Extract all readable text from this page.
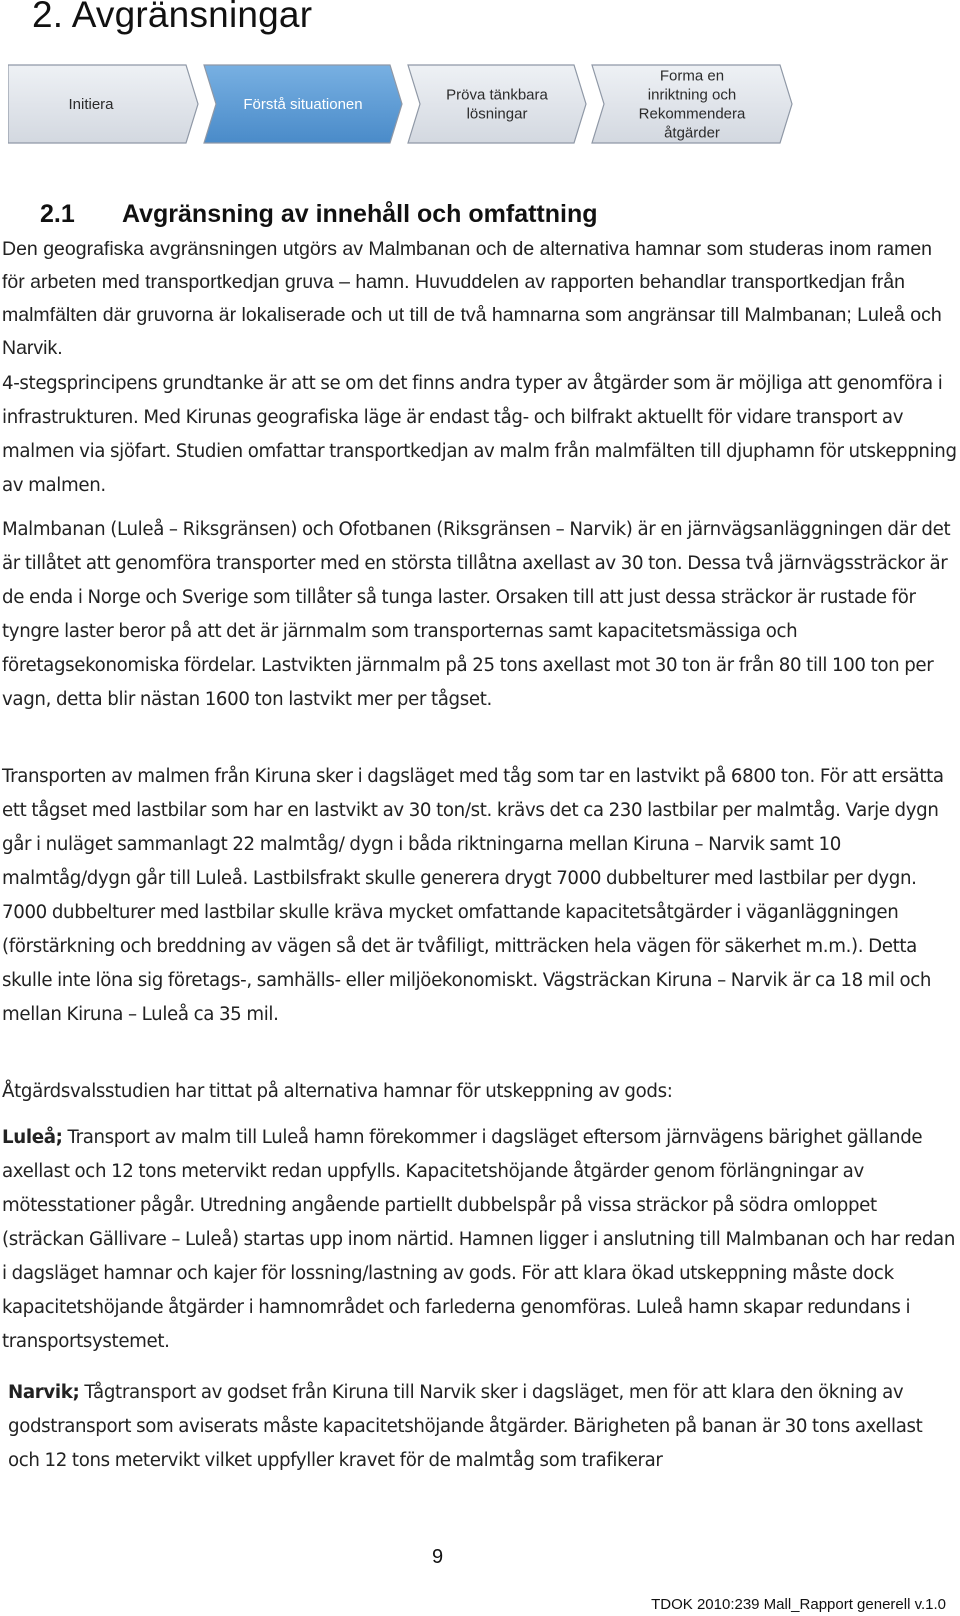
2. Avgränsningar
Initiera	Förstå situationen
Pröva tänkbara
lösningar
Forma en
inriktning och
Rekommendera
åtgärder
2.1 Avgränsning av innehåll och omfattning

Den geografiska avgränsningen utgörs av Malmbanan och de alternativa hamnar som studeras inom ramen för arbeten med transportkedjan gruva – hamn. Huvuddelen av rapporten behandlar transportkedjan från malmfälten där gruvorna är lokaliserade och ut till de två hamnarna som angränsar till Malmbanan; Luleå och Narvik.

4-stegsprincipens grundtanke är att se om det finns andra typer av åtgärder som är möjliga att genomföra i infrastrukturen. Med Kirunas geografiska läge är endast tåg- och bilfrakt aktuellt för vidare transport av malmen via sjöfart. Studien omfattar transportkedjan av malm från malmfälten till djuphamn för utskeppning av malmen.

Malmbanan (Luleå – Riksgränsen) och Ofotbanen (Riksgränsen – Narvik) är en järnvägsanläggningen där det är tillåtet att genomföra transporter med en största tillåtna axellast av 30 ton. Dessa två järnvägssträckor är de enda i Norge och Sverige som tillåter så tunga laster. Orsaken till att just dessa sträckor är rustade för tyngre laster beror på att det är järnmalm som transporternas samt kapacitetsmässiga och företagsekonomiska fördelar. Lastvikten järnmalm på 25 tons axellast mot 30 ton är från 80 till 100 ton per vagn, detta blir nästan 1600 ton lastvikt mer per tågset.

Transporten av malmen från Kiruna sker i dagsläget med tåg som tar en lastvikt på 6800 ton. För att ersätta ett tågset med lastbilar som har en lastvikt av 30 ton/st. krävs det ca 230 lastbilar per malmtåg. Varje dygn går i nuläget sammanlagt 22 malmtåg/ dygn i båda riktningarna mellan Kiruna – Narvik samt 10 malmtåg/dygn går till Luleå. Lastbilsfrakt skulle generera drygt 7000 dubbelturer med lastbilar per dygn. 7000 dubbelturer med lastbilar skulle kräva mycket omfattande kapacitetsåtgärder i väganläggningen (förstärkning och breddning av vägen så det är tvåfiligt, mitträcken hela vägen för säkerhet m.m.). Detta skulle inte löna sig företags-, samhälls- eller miljöekonomiskt. Vägsträckan Kiruna – Narvik är ca 18 mil och mellan Kiruna – Luleå ca 35 mil.

Åtgärdsvalsstudien har tittat på alternativa hamnar för utskeppning av gods:

Luleå; Transport av malm till Luleå hamn förekommer i dagsläget eftersom järnvägens bärighet gällande axellast och 12 tons metervikt redan uppfylls. Kapacitetshöjande åtgärder genom förlängningar av mötesstationer pågår. Utredning angående partiellt dubbelspår på vissa sträckor på södra omloppet (sträckan Gällivare – Luleå) startas upp inom närtid. Hamnen ligger i anslutning till Malmbanan och har redan i dagsläget hamnar och kajer för lossning/lastning av gods. För att klara ökad utskeppning måste dock kapacitetshöjande åtgärder i hamnområdet och farlederna genomföras. Luleå hamn skapar redundans i transportsystemet.

Narvik; Tågtransport av godset från Kiruna till Narvik sker i dagsläget, men för att klara den ökning av godstransport som aviserats måste kapacitetshöjande åtgärder. Bärigheten på banan är 30 tons axellast och 12 tons metervikt vilket uppfyller kravet för de malmtåg som trafikerar

9
TDOK 2010:239 Mall_Rapport generell v.1.0
